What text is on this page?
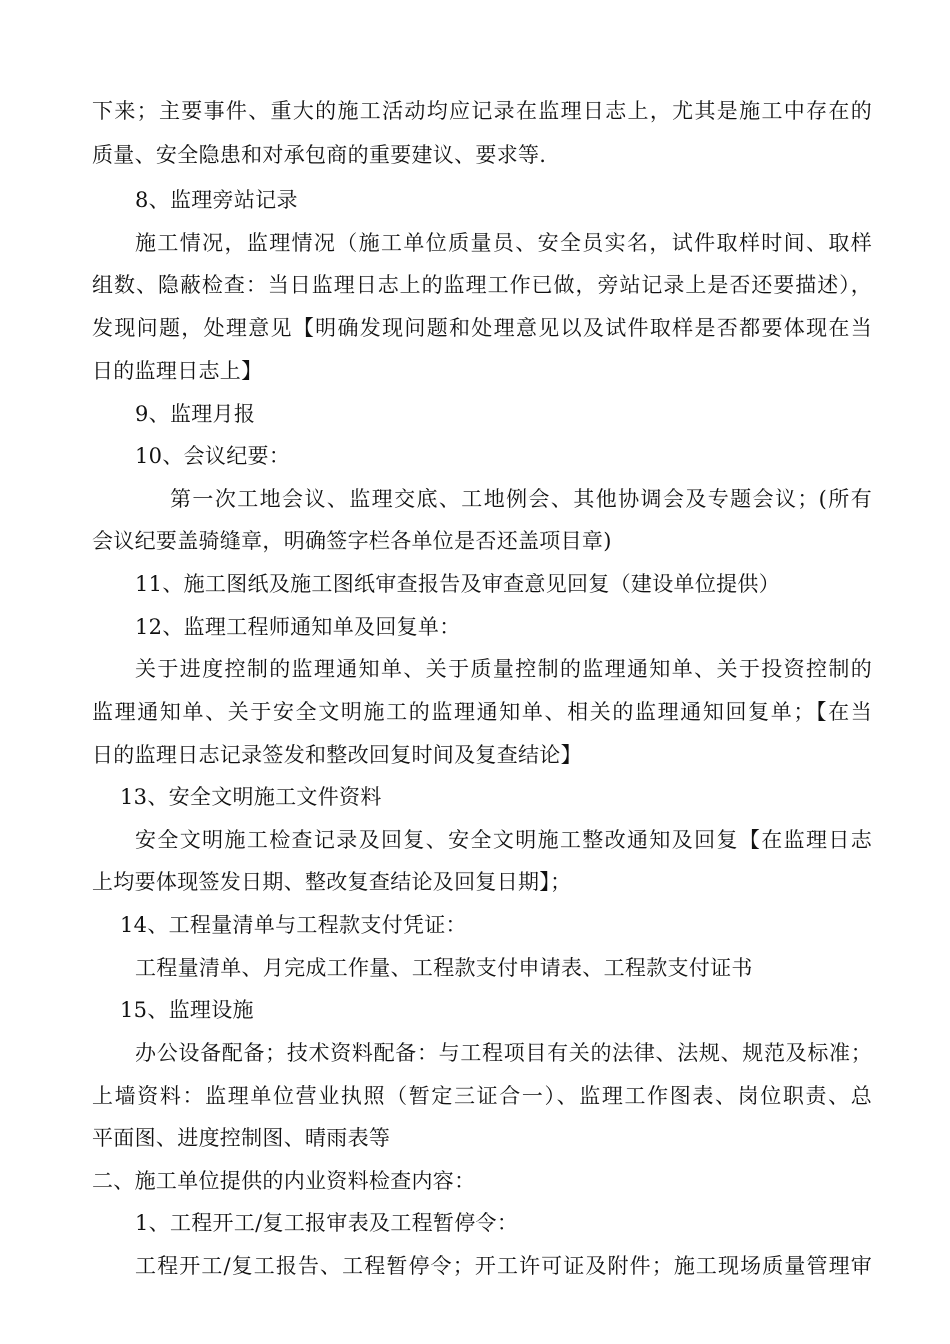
下来；主要事件、重大的施工活动均应记录在监理日志上，尤其是施工中存在的
质量、安全隐患和对承包商的重要建议、要求等.
8、监理旁站记录
施工情况，监理情况（施工单位质量员、安全员实名，试件取样时间、取样
组数、隐蔽检查：当日监理日志上的监理工作已做，旁站记录上是否还要描述），
发现问题，处理意见【明确发现问题和处理意见以及试件取样是否都要体现在当
日的监理日志上】
9、监理月报
10、会议纪要：
第一次工地会议、监理交底、工地例会、其他协调会及专题会议；(所有
会议纪要盖骑缝章，明确签字栏各单位是否还盖项目章)
11、施工图纸及施工图纸审查报告及审查意见回复（建设单位提供）
12、监理工程师通知单及回复单：
关于进度控制的监理通知单、关于质量控制的监理通知单、关于投资控制的
监理通知单、关于安全文明施工的监理通知单、相关的监理通知回复单；【在当
日的监理日志记录签发和整改回复时间及复查结论】
13、安全文明施工文件资料
安全文明施工检查记录及回复、安全文明施工整改通知及回复【在监理日志
上均要体现签发日期、整改复查结论及回复日期】；
14、工程量清单与工程款支付凭证：
工程量清单、月完成工作量、工程款支付申请表、工程款支付证书
15、监理设施
办公设备配备；技术资料配备：与工程项目有关的法律、法规、规范及标准；
上墙资料：监理单位营业执照（暂定三证合一）、监理工作图表、岗位职责、总
平面图、进度控制图、晴雨表等
二、施工单位提供的内业资料检查内容：
1、工程开工/复工报审表及工程暂停令：
工程开工/复工报告、工程暂停令；开工许可证及附件；施工现场质量管理审
